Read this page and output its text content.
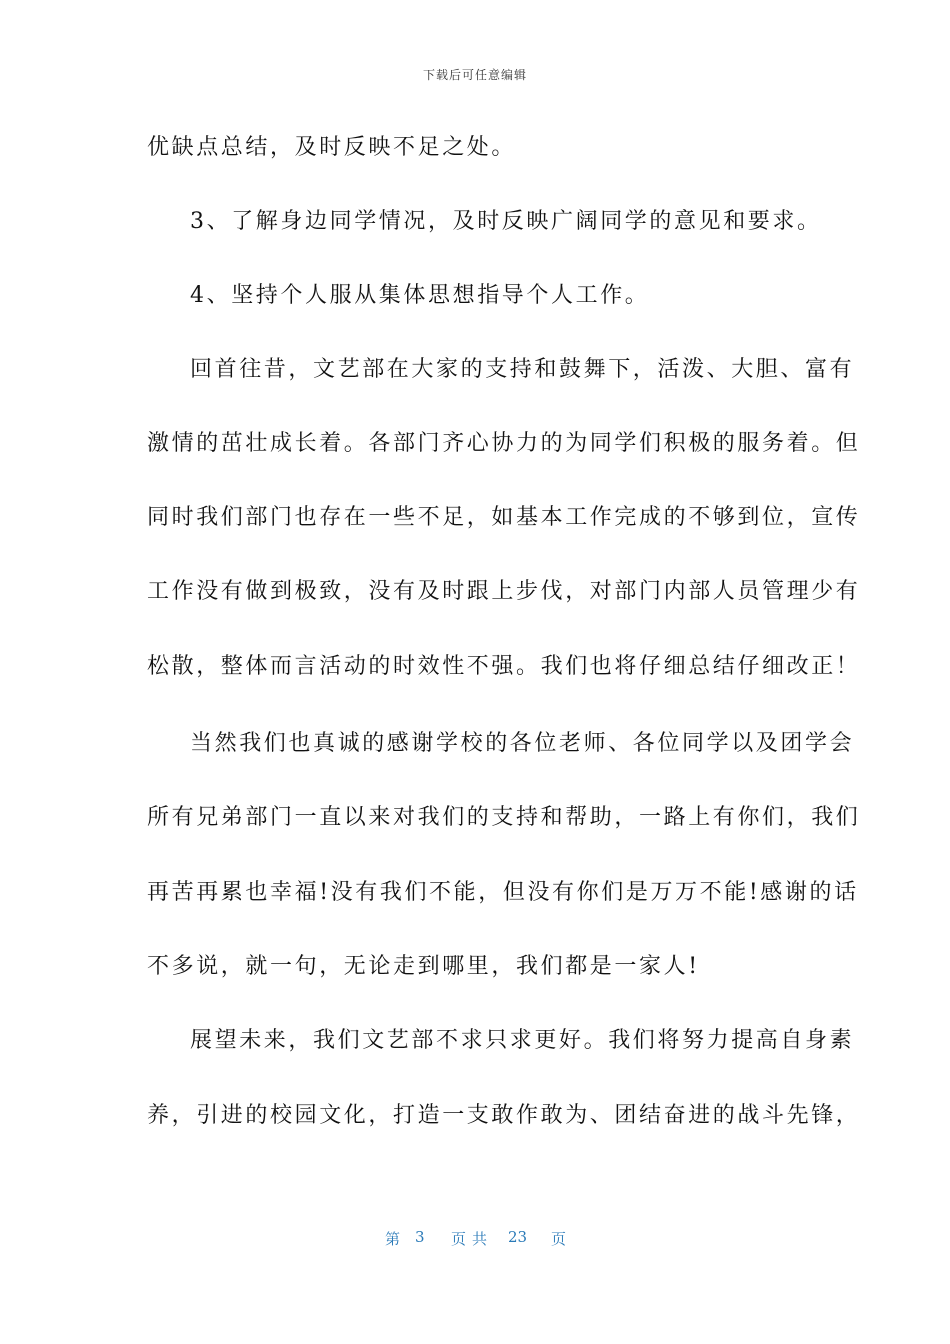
下载后可任意编辑
优缺点总结，及时反映不足之处。
3、了解身边同学情况，及时反映广阔同学的意见和要求。
4、坚持个人服从集体思想指导个人工作。
回首往昔，文艺部在大家的支持和鼓舞下，活泼、大胆、富有
激情的茁壮成长着。各部门齐心协力的为同学们积极的服务着。但
同时我们部门也存在一些不足，如基本工作完成的不够到位，宣传
工作没有做到极致，没有及时跟上步伐，对部门内部人员管理少有
松散，整体而言活动的时效性不强。我们也将仔细总结仔细改正！
当然我们也真诚的感谢学校的各位老师、各位同学以及团学会
所有兄弟部门一直以来对我们的支持和帮助，一路上有你们，我们
再苦再累也幸福!没有我们不能，但没有你们是万万不能!感谢的话
不多说，就一句，无论走到哪里，我们都是一家人!
展望未来，我们文艺部不求只求更好。我们将努力提高自身素
养，引进的校园文化，打造一支敢作敢为、团结奋进的战斗先锋，
第 3 页共 23 页
